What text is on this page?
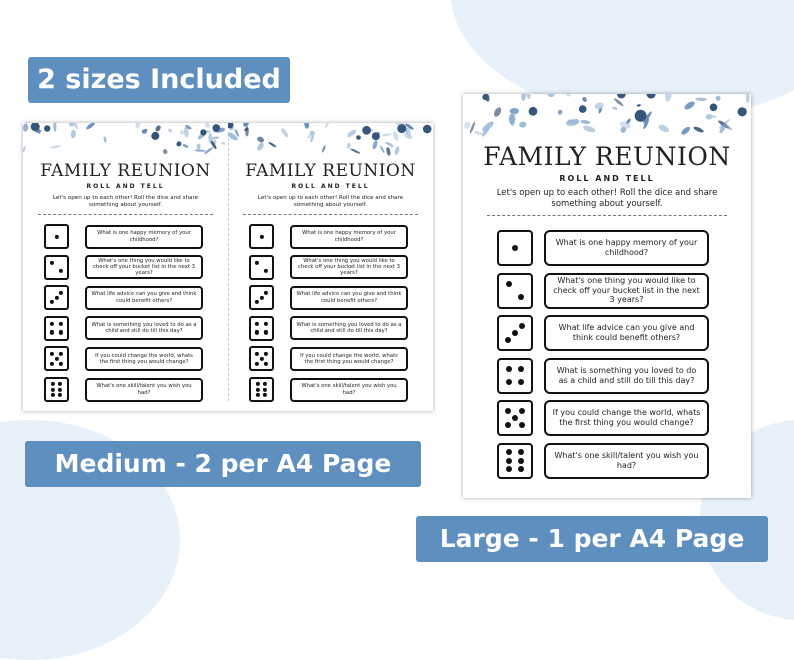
2 sizes Included
FAMILY REUNION
ROLL AND TELL
Let's open up to each other! Roll the dice and share something about yourself.
What is one happy memory of your childhood?
What's one thing you would like to check off your bucket list in the next 3 years?
What life advice can you give and think could benefit others?
What is something you loved to do as a child and still do till this day?
If you could change the world, whats the first thing you would change?
What's one skill/talent you wish you had?
FAMILY REUNION
ROLL AND TELL
Let's open up to each other! Roll the dice and share something about yourself.
What is one happy memory of your childhood?
What's one thing you would like to check off your bucket list in the next 3 years?
What life advice can you give and think could benefit others?
What is something you loved to do as a child and still do till this day?
If you could change the world, whats the first thing you would change?
What's one skill/talent you wish you had?
Medium - 2 per A4 Page
FAMILY REUNION
ROLL AND TELL
Let's open up to each other! Roll the dice and share something about yourself.
What is one happy memory of your childhood?
What's one thing you would like to check off your bucket list in the next 3 years?
What life advice can you give and think could benefit others?
What is something you loved to do as a child and still do till this day?
If you could change the world, whats the first thing you would change?
What's one skill/talent you wish you had?
Large - 1 per A4 Page
